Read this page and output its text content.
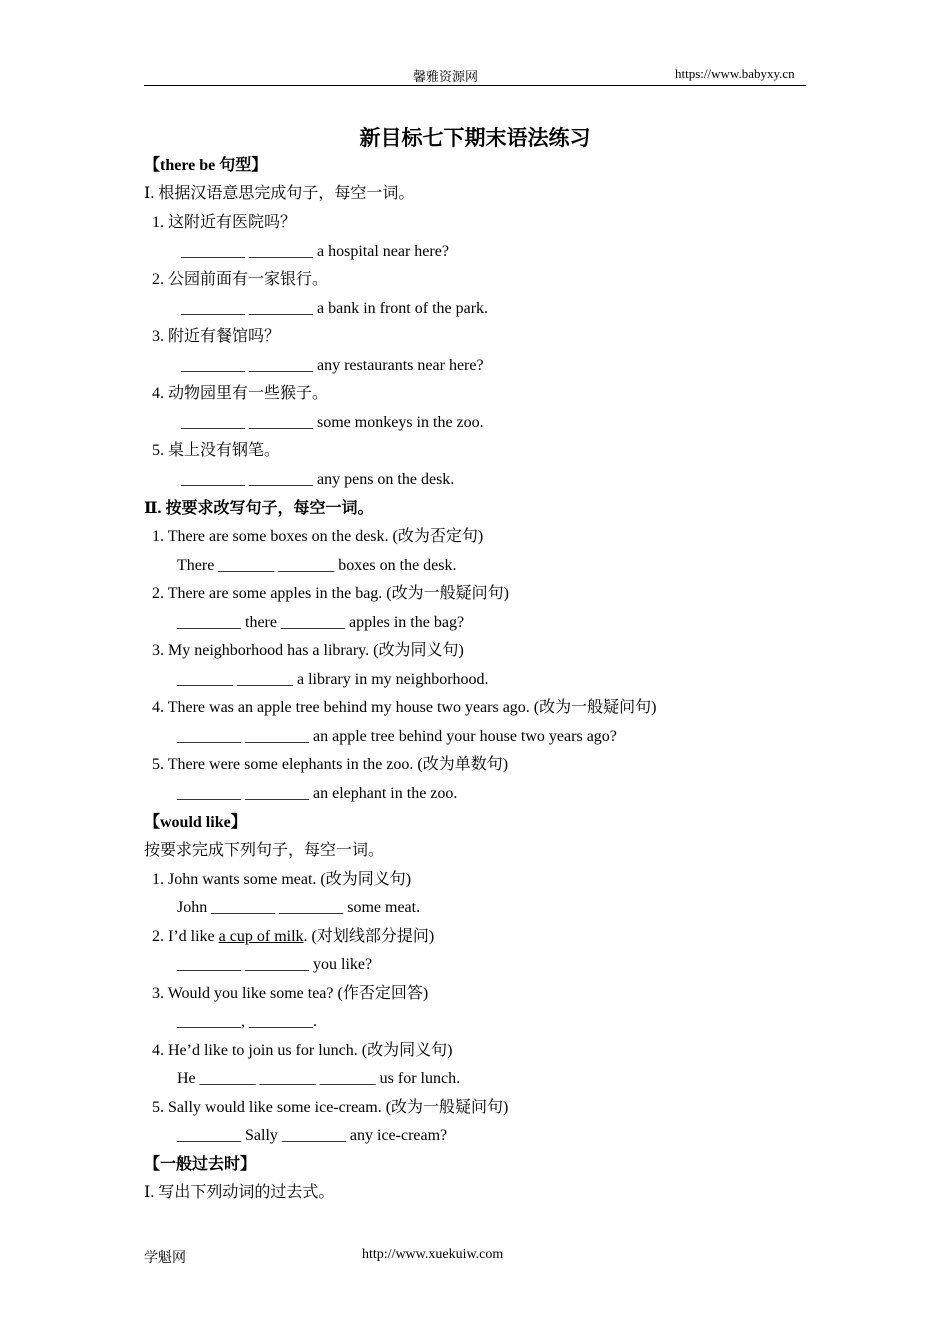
馨雅资源网	https://www.babyxy.cn
新目标七下期末语法练习
【there be 句型】
Ⅰ. 根据汉语意思完成句子，每空一词。
1. 这附近有医院吗？
________ ________ a hospital near here?
2. 公园前面有一家银行。
________ ________ a bank in front of the park.
3. 附近有餐馆吗？
________ ________ any restaurants near here?
4. 动物园里有一些猴子。
________ ________ some monkeys in the zoo.
5. 桌上没有钢笔。
________ ________ any pens on the desk.
Ⅱ. 按要求改写句子，每空一词。
1. There are some boxes on the desk. (改为否定句)
There _______ _______ boxes on the desk.
2. There are some apples in the bag. (改为一般疑问句)
________ there ________ apples in the bag?
3. My neighborhood has a library. (改为同义句)
_______ _______ a library in my neighborhood.
4. There was an apple tree behind my house two years ago. (改为一般疑问句)
________ ________ an apple tree behind your house two years ago?
5. There were some elephants in the zoo. (改为单数句)
________ ________ an elephant in the zoo.
【would like】
按要求完成下列句子，每空一词。
1. John wants some meat. (改为同义句)
John ________ ________ some meat.
2. I’d like a cup of milk. (对划线部分提问)
________ ________ you like?
3. Would you like some tea? (作否定回答)
________, ________.
4. He’d like to join us for lunch. (改为同义句)
He _______ _______ _______ us for lunch.
5. Sally would like some ice-cream. (改为一般疑问句)
________ Sally ________ any ice-cream?
【一般过去时】
Ⅰ. 写出下列动词的过去式。
学魁网	http://www.xuekuiw.com
